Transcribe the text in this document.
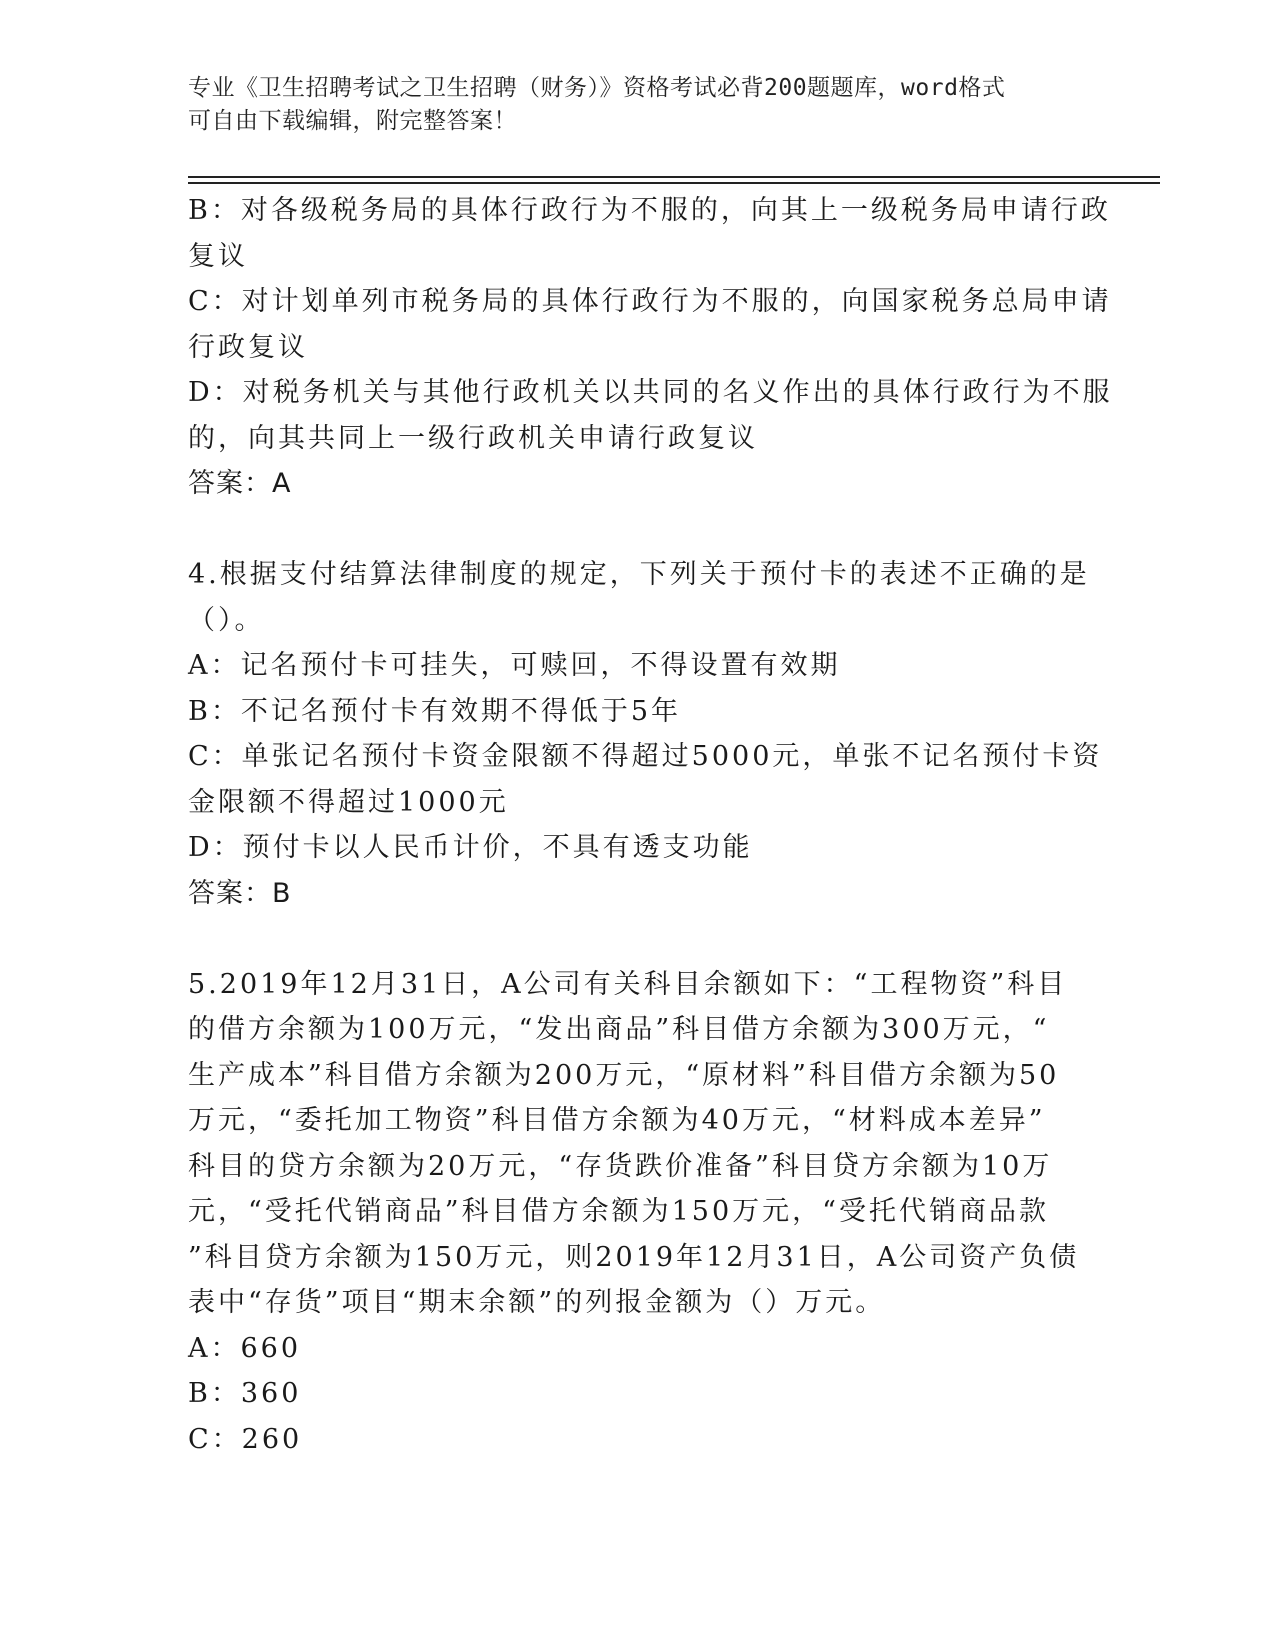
专业《卫生招聘考试之卫生招聘（财务）》资格考试必背200题题库，word格式
可自由下载编辑，附完整答案！
B：对各级税务局的具体行政行为不服的，向其上一级税务局申请行政
复议
C：对计划单列市税务局的具体行政行为不服的，向国家税务总局申请
行政复议
D：对税务机关与其他行政机关以共同的名义作出的具体行政行为不服
的，向其共同上一级行政机关申请行政复议
答案：A
4.根据支付结算法律制度的规定，下列关于预付卡的表述不正确的是
（）。
A：记名预付卡可挂失，可赎回，不得设置有效期
B：不记名预付卡有效期不得低于5年
C：单张记名预付卡资金限额不得超过5000元，单张不记名预付卡资
金限额不得超过1000元
D：预付卡以人民币计价，不具有透支功能
答案：B
5.2019年12月31日，A公司有关科目余额如下：“工程物资”科目
的借方余额为100万元，“发出商品”科目借方余额为300万元，“
生产成本”科目借方余额为200万元，“原材料”科目借方余额为50
万元，“委托加工物资”科目借方余额为40万元，“材料成本差异”
科目的贷方余额为20万元，“存货跌价准备”科目贷方余额为10万
元，“受托代销商品”科目借方余额为150万元，“受托代销商品款
”科目贷方余额为150万元，则2019年12月31日，A公司资产负债
表中“存货”项目“期末余额”的列报金额为（）万元。
A：660
B：360
C：260
